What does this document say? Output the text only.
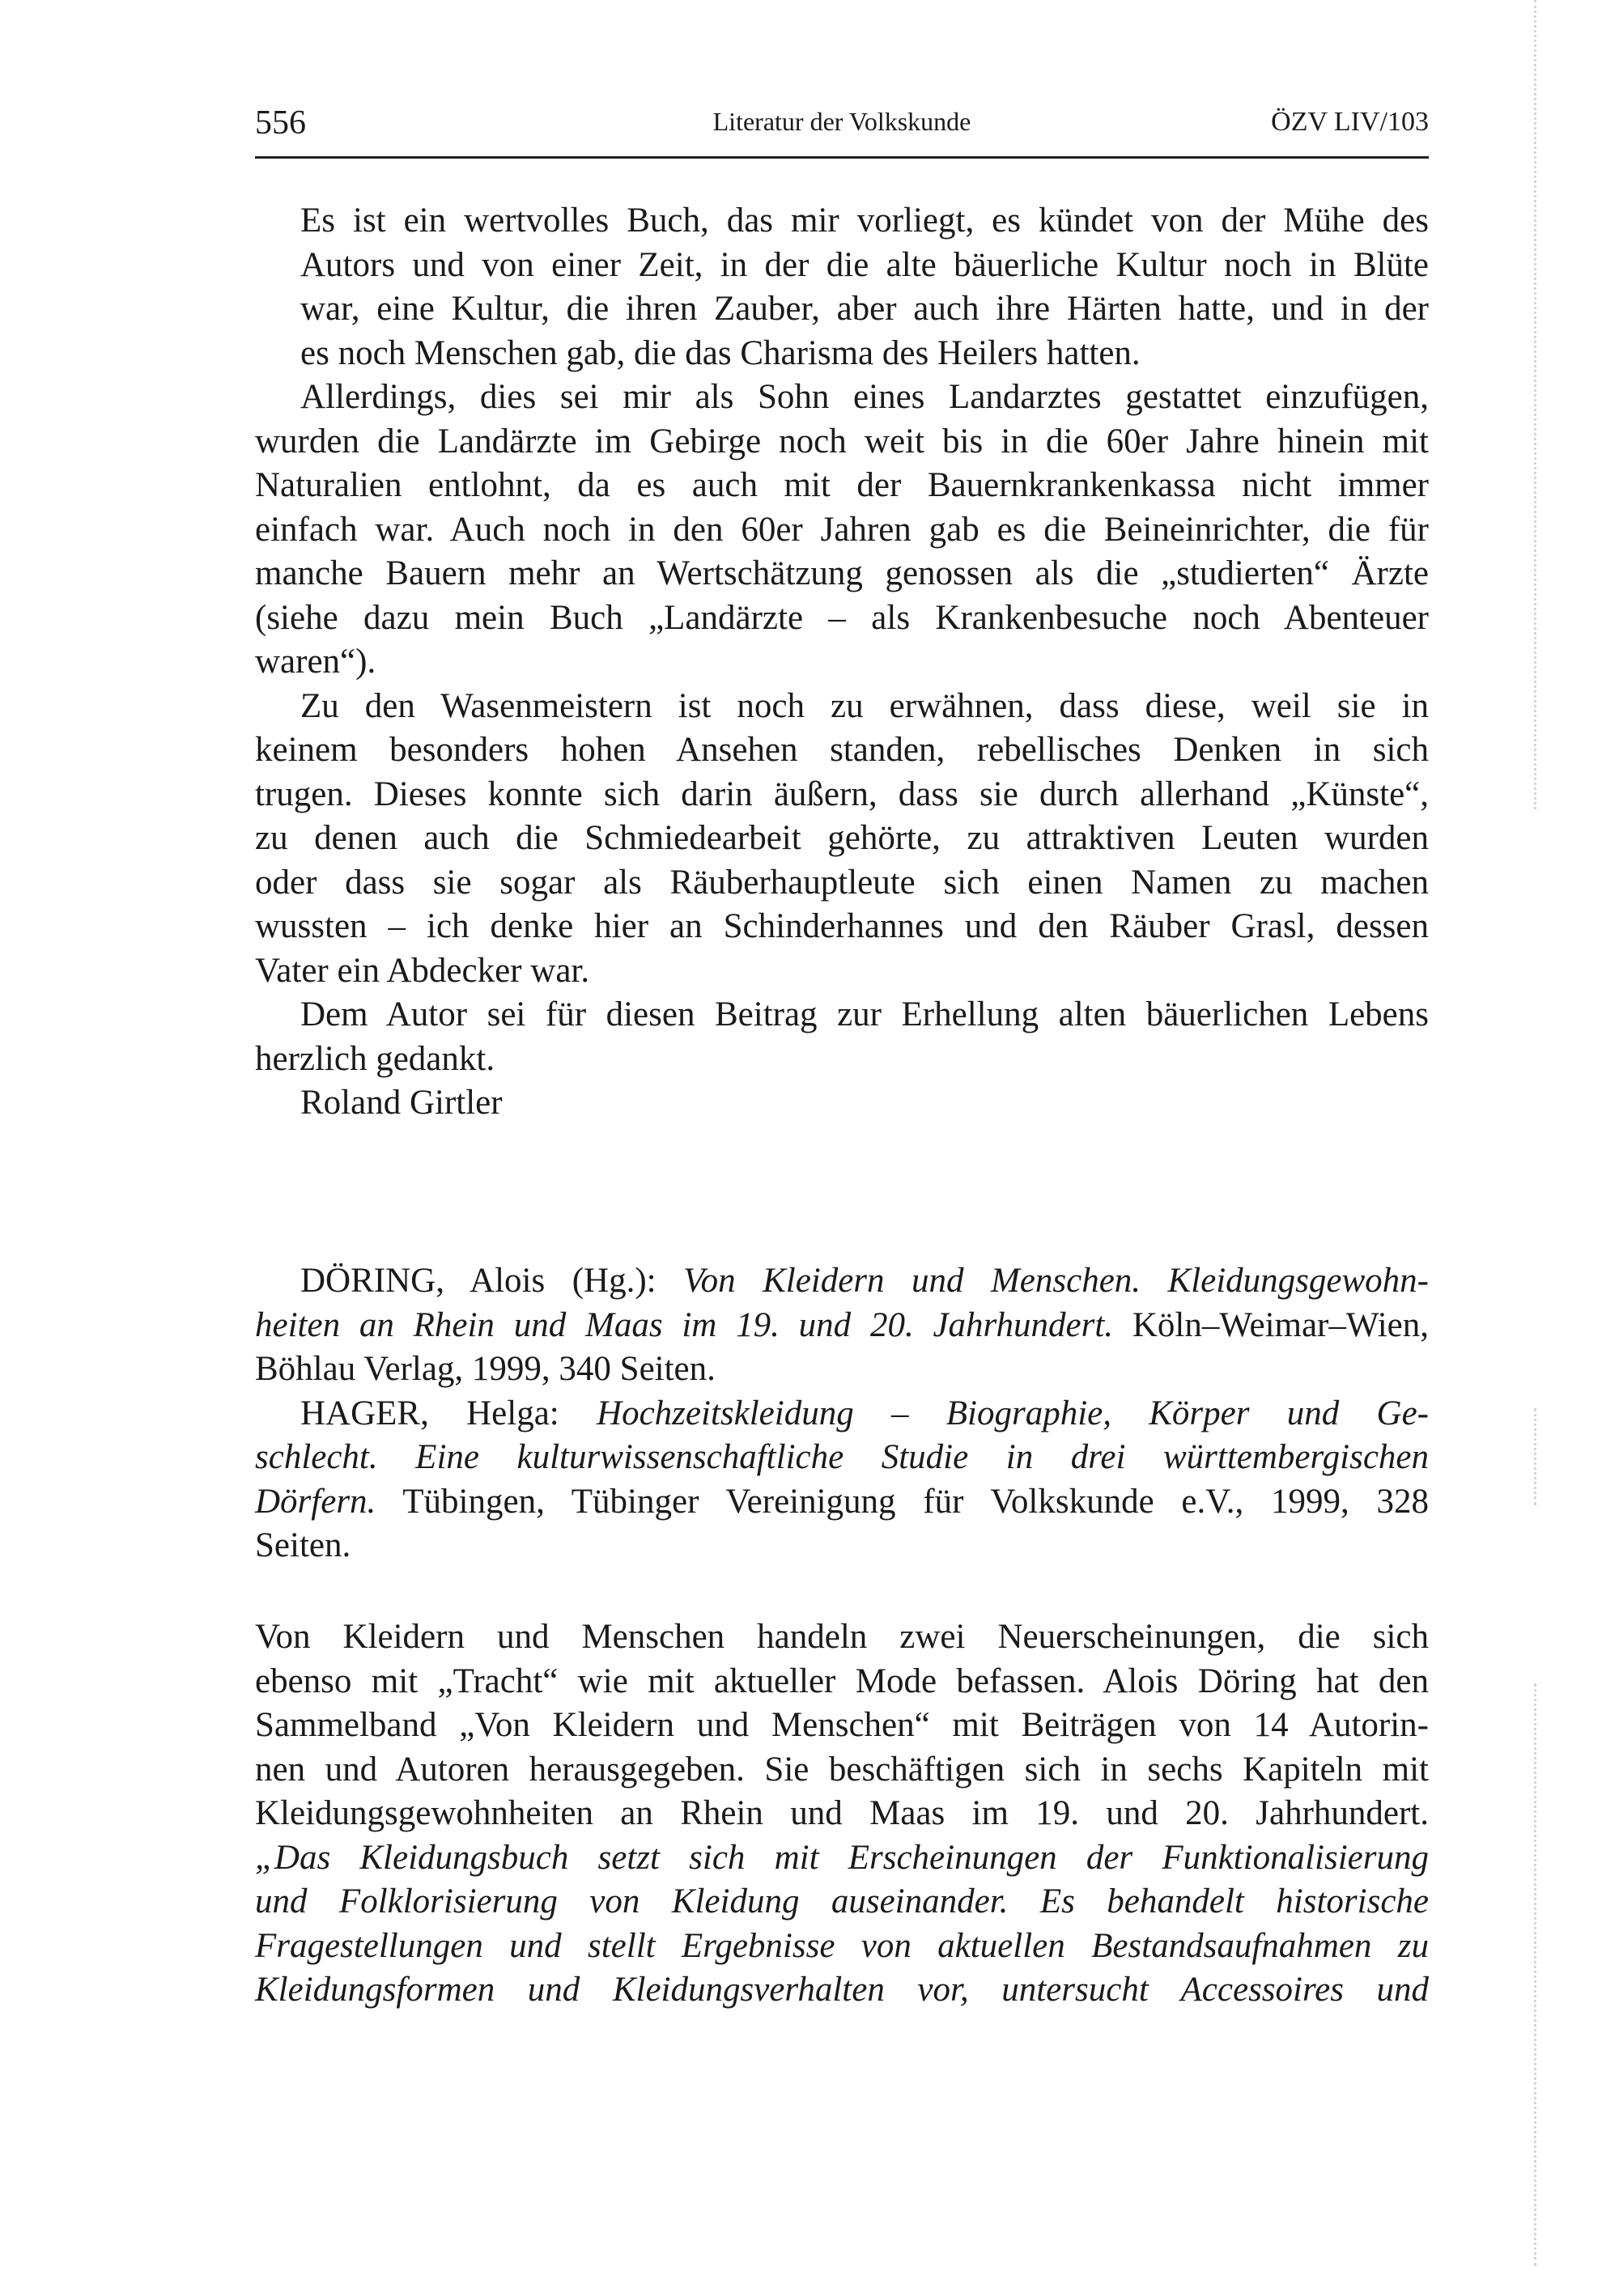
556	Literatur der Volkskunde	ÖZV LIV/103

Es ist ein wertvolles Buch, das mir vorliegt, es kündet von der Mühe des
Autors und von einer Zeit, in der die alte bäuerliche Kultur noch in Blüte
war, eine Kultur, die ihren Zauber, aber auch ihre Härten hatte, und in der
es noch Menschen gab, die das Charisma des Heilers hatten.

Allerdings, dies sei mir als Sohn eines Landarztes gestattet einzufügen,
wurden die Landärzte im Gebirge noch weit bis in die 60er Jahre hinein mit
Naturalien entlohnt, da es auch mit der Bauernkrankenkassa nicht immer
einfach war. Auch noch in den 60er Jahren gab es die Beineinrichter, die für
manche Bauern mehr an Wertschätzung genossen als die „studierten“ Ärzte
(siehe dazu mein Buch „Landärzte – als Krankenbesuche noch Abenteuer
waren“).

Zu den Wasenmeistern ist noch zu erwähnen, dass diese, weil sie in
keinem besonders hohen Ansehen standen, rebellisches Denken in sich
trugen. Dieses konnte sich darin äußern, dass sie durch allerhand „Künste“,
zu denen auch die Schmiedearbeit gehörte, zu attraktiven Leuten wurden
oder dass sie sogar als Räuberhauptleute sich einen Namen zu machen
wussten – ich denke hier an Schinderhannes und den Räuber Grasl, dessen
Vater ein Abdecker war.

Dem Autor sei für diesen Beitrag zur Erhellung alten bäuerlichen Lebens
herzlich gedankt.

Roland Girtler

DÖRING, Alois (Hg.): Von Kleidern und Menschen. Kleidungsgewohn-
heiten an Rhein und Maas im 19. und 20. Jahrhundert. Köln–Weimar–Wien,
Böhlau Verlag, 1999, 340 Seiten.

HAGER, Helga: Hochzeitskleidung – Biographie, Körper und Ge-
schlecht. Eine kulturwissenschaftliche Studie in drei württembergischen
Dörfern. Tübingen, Tübinger Vereinigung für Volkskunde e.V., 1999, 328
Seiten.

Von Kleidern und Menschen handeln zwei Neuerscheinungen, die sich
ebenso mit „Tracht“ wie mit aktueller Mode befassen. Alois Döring hat den
Sammelband „Von Kleidern und Menschen“ mit Beiträgen von 14 Autorin-
nen und Autoren herausgegeben. Sie beschäftigen sich in sechs Kapiteln mit
Kleidungsgewohnheiten an Rhein und Maas im 19. und 20. Jahrhundert.
„Das Kleidungsbuch setzt sich mit Erscheinungen der Funktionalisierung
und Folklorisierung von Kleidung auseinander. Es behandelt historische
Fragestellungen und stellt Ergebnisse von aktuellen Bestandsaufnahmen zu
Kleidungsformen und Kleidungsverhalten vor, untersucht Accessoires und
